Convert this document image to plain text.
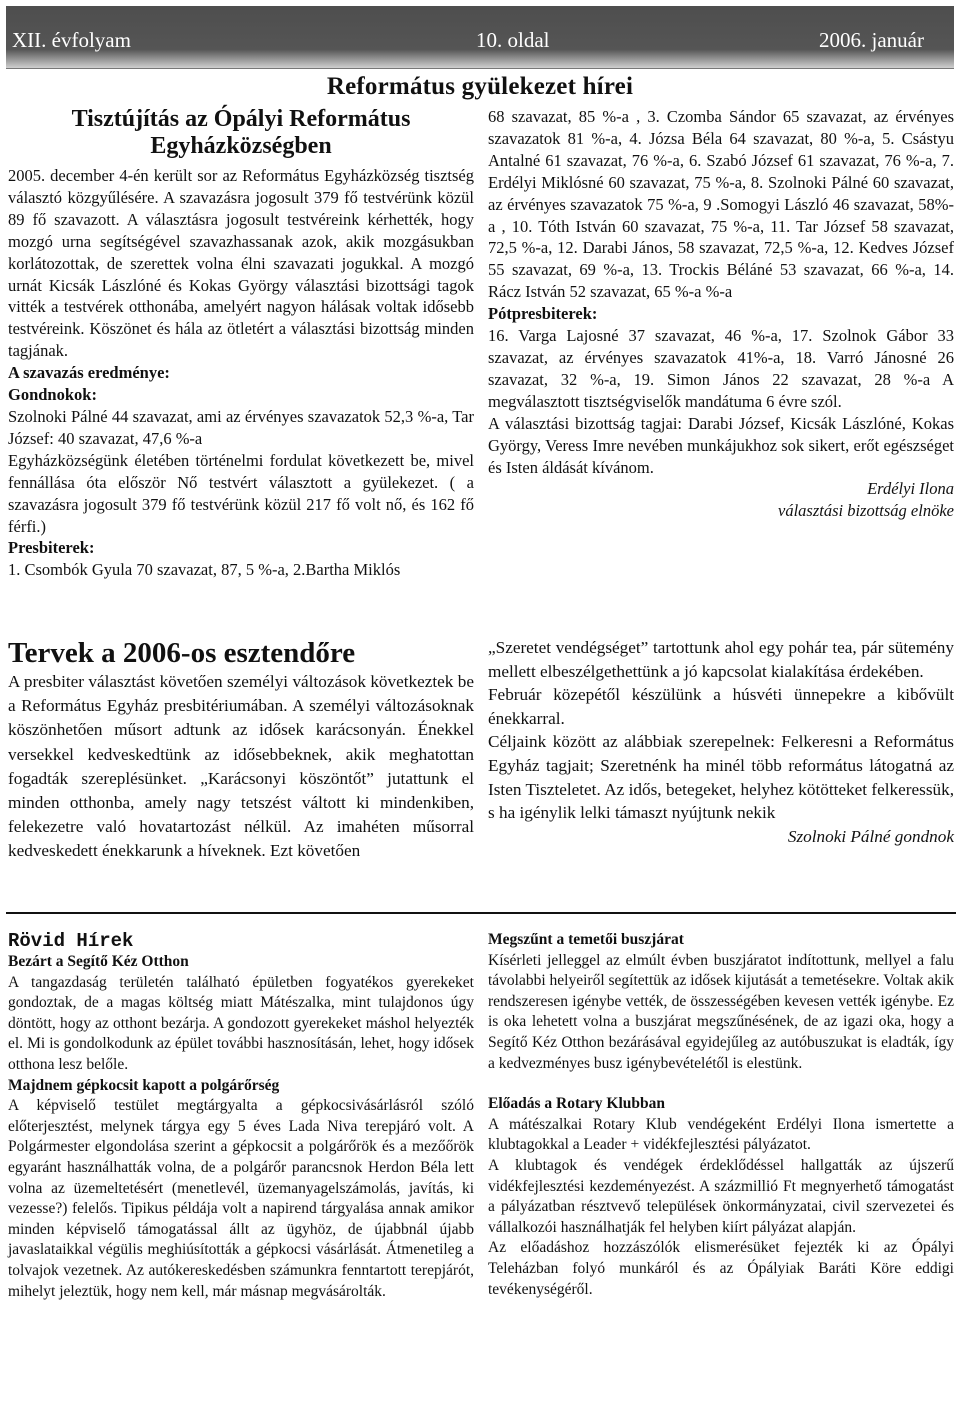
XII. évfolyam	10. oldal	2006. január
Református gyülekezet hírei

Tisztújítás az Ópályi Református

Egyházközségben

2005. december 4-én került sor az Református Egyházközség tisztség választó közgyűlésére. A szavazásra jogosult 379 fő testvérünk közül 89 fő szavazott. A választásra jogosult testvéreink kérhették, hogy mozgó urna segítségével szavazhassanak azok, akik mozgásukban korlátozottak, de szerettek volna élni szavazati jogukkal. A mozgó urnát Kicsák Lászlóné és Kokas György választási bizottsági tagok vitték a testvérek otthonába, amelyért nagyon hálásak voltak idősebb testvéreink. Köszönet és hála az ötletért a választási bizottság minden tagjának.

A szavazás eredménye:

Gondnokok:

Szolnoki Pálné 44 szavazat, ami az érvényes szavazatok 52,3 %-a, Tar József: 40 szavazat, 47,6 %-a

Egyházközségünk életében történelmi fordulat következett be, mivel fennállása óta először Nő testvért választott a gyülekezet. ( a szavazásra jogosult 379 fő testvérünk közül 217 fő volt nő, és 162 fő férfi.)

Presbiterek:

1. Csombók Gyula 70 szavazat, 87, 5 %-a, 2.Bartha Miklós

68 szavazat, 85 %-a , 3. Czomba Sándor 65 szavazat, az érvényes szavazatok 81 %-a, 4. Józsa Béla 64 szavazat, 80 %-a, 5. Csástyu Antalné 61 szavazat, 76 %-a, 6. Szabó József 61 szavazat, 76 %-a, 7. Erdélyi Miklósné 60 szavazat, 75 %-a, 8. Szolnoki Pálné 60 szavazat, az érvényes szavazatok 75 %-a, 9 .Somogyi László 46 szavazat, 58%- a , 10. Tóth István 60 szavazat, 75 %-a, 11. Tar József 58 szavazat, 72,5 %-a, 12. Darabi János, 58 szavazat, 72,5 %-a, 12. Kedves József 55 szavazat, 69 %-a, 13. Trockis Béláné 53 szavazat, 66 %-a, 14. Rácz István 52 szavazat, 65 %-a %-a

Pótpresbiterek:

16. Varga Lajosné 37 szavazat, 46 %-a, 17. Szolnok Gábor 33 szavazat, az érvényes szavazatok 41%-a, 18. Varró Jánosné 26 szavazat, 32 %-a, 19. Simon János 22 szavazat, 28 %-a A megválasztott tisztségviselők mandátuma 6 évre szól.

A választási bizottság tagjai: Darabi József, Kicsák Lászlóné, Kokas György, Veress Imre nevében munkájukhoz sok sikert, erőt egészséget és Isten áldását kívánom.

Erdélyi Ilona

választási bizottság elnöke

Tervek a 2006-os esztendőre

A presbiter választást követően személyi változások következtek be a Református Egyház presbitériumában. A személyi változásoknak köszönhetően műsort adtunk az idősek karácsonyán. Énekkel versekkel kedveskedtünk az idősebbeknek, akik meghatottan fogadták szereplésünket. „Karácsonyi köszöntőt” jutattunk el minden otthonba, amely nagy tetszést váltott ki mindenkiben, felekezetre való hovatartozást nélkül. Az imahéten műsorral kedveskedett énekkarunk a híveknek. Ezt követően

„Szeretet vendégséget” tartottunk ahol egy pohár tea, pár sütemény mellett elbeszélgethettünk a jó kapcsolat kialakítása érdekében.

Február közepétől készülünk a húsvéti ünnepekre a kibővült énekkarral.

Céljaink között az alábbiak szerepelnek: Felkeresni a Református Egyház tagjait; Szeretnénk ha minél több református látogatná az Isten Tiszteletet. Az idős, betegeket, helyhez kötötteket felkeressük, s ha igénylik lelki támaszt nyújtunk nekik

Szolnoki Pálné gondnok

Rövid Hírek

Bezárt a Segítő Kéz Otthon

A tangazdaság területén található épületben fogyatékos gyerekeket gondoztak, de a magas költség miatt Mátészalka, mint tulajdonos úgy döntött, hogy az otthont bezárja. A gondozott gyerekeket máshol helyezték el. Mi is gondolkodunk az épület további hasznosításán, lehet, hogy idősek otthona lesz belőle.

Majdnem gépkocsit kapott a polgárőrség

A képviselő testület megtárgyalta a gépkocsivásárlásról szóló előterjesztést, melynek tárgya egy 5 éves Lada Niva terepjáró volt. A Polgármester elgondolása szerint a gépkocsit a polgárőrök és a mezőőrök egyaránt használhatták volna, de a polgárőr parancsnok Herdon Béla lett volna az üzemeltetésért (menetlevél, üzemanyagelszámolás, javítás, ki vezesse?) felelős. Tipikus példája volt a napirend tárgyalása annak amikor minden képviselő támogatással állt az ügyhöz, de újabbnál újabb javaslataikkal végülis meghiúsították a gépkocsi vásárlását. Átmenetileg a tolvajok vezetnek. Az autókereskedésben számunkra fenntartott terepjárót, mihelyt jeleztük, hogy nem kell, már másnap megvásárolták.

Megszűnt a temetői buszjárat

Kísérleti jelleggel az elmúlt évben buszjáratot indítottunk, mellyel a falu távolabbi helyeiről segítettük az idősek kijutását a temetésekre. Voltak akik rendszeresen igénybe vették, de összességében kevesen vették igénybe. Ez is oka lehetett volna a buszjárat megszűnésének, de az igazi oka, hogy a Segítő Kéz Otthon bezárásával egyidejűleg az autóbuszukat is eladták, így a kedvezményes busz igénybevételétől is elestünk.

Előadás a Rotary Klubban

A mátészalkai Rotary Klub vendégeként Erdélyi Ilona ismertette a klubtagokkal a Leader + vidékfejlesztési pályázatot.

A klubtagok és vendégek érdeklődéssel hallgatták az újszerű vidékfejlesztési kezdeményezést. A százmillió Ft megnyerhető támogatást a pályázatban résztvevő települések önkormányzatai, civil szervezetei és vállalkozói használhatják fel helyben kiírt pályázat alapján.

Az előadáshoz hozzászólók elismerésüket fejezték ki az Ópályi Teleházban folyó munkáról és az Ópályiak Baráti Köre eddigi tevékenységéről.
